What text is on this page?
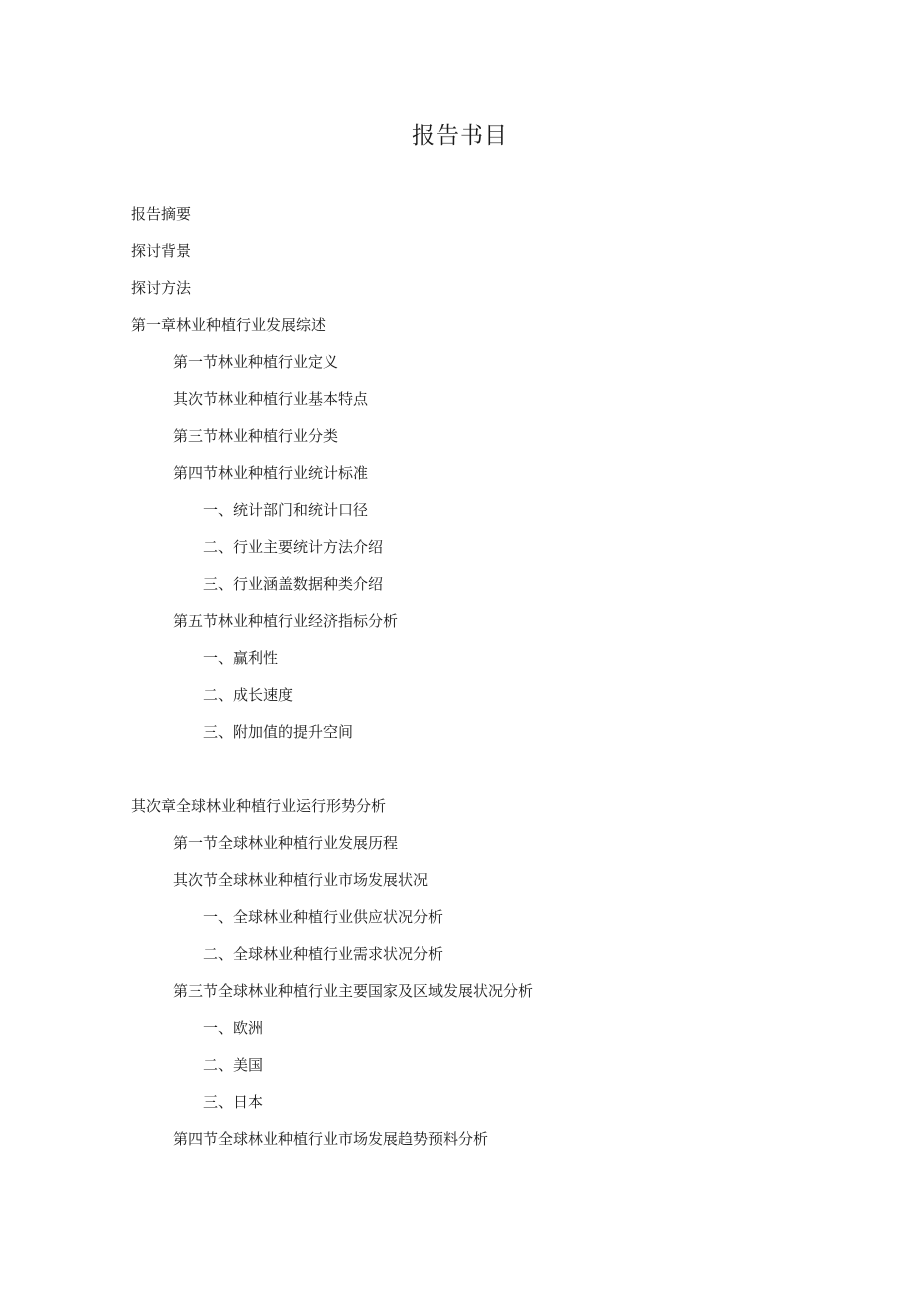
报告书目
报告摘要
探讨背景
探讨方法
第一章林业种植行业发展综述
第一节林业种植行业定义
其次节林业种植行业基本特点
第三节林业种植行业分类
第四节林业种植行业统计标准
一、统计部门和统计口径
二、行业主要统计方法介绍
三、行业涵盖数据种类介绍
第五节林业种植行业经济指标分析
一、赢利性
二、成长速度
三、附加值的提升空间
其次章全球林业种植行业运行形势分析
第一节全球林业种植行业发展历程
其次节全球林业种植行业市场发展状况
一、全球林业种植行业供应状况分析
二、全球林业种植行业需求状况分析
第三节全球林业种植行业主要国家及区域发展状况分析
一、欧洲
二、美国
三、日本
第四节全球林业种植行业市场发展趋势预料分析
